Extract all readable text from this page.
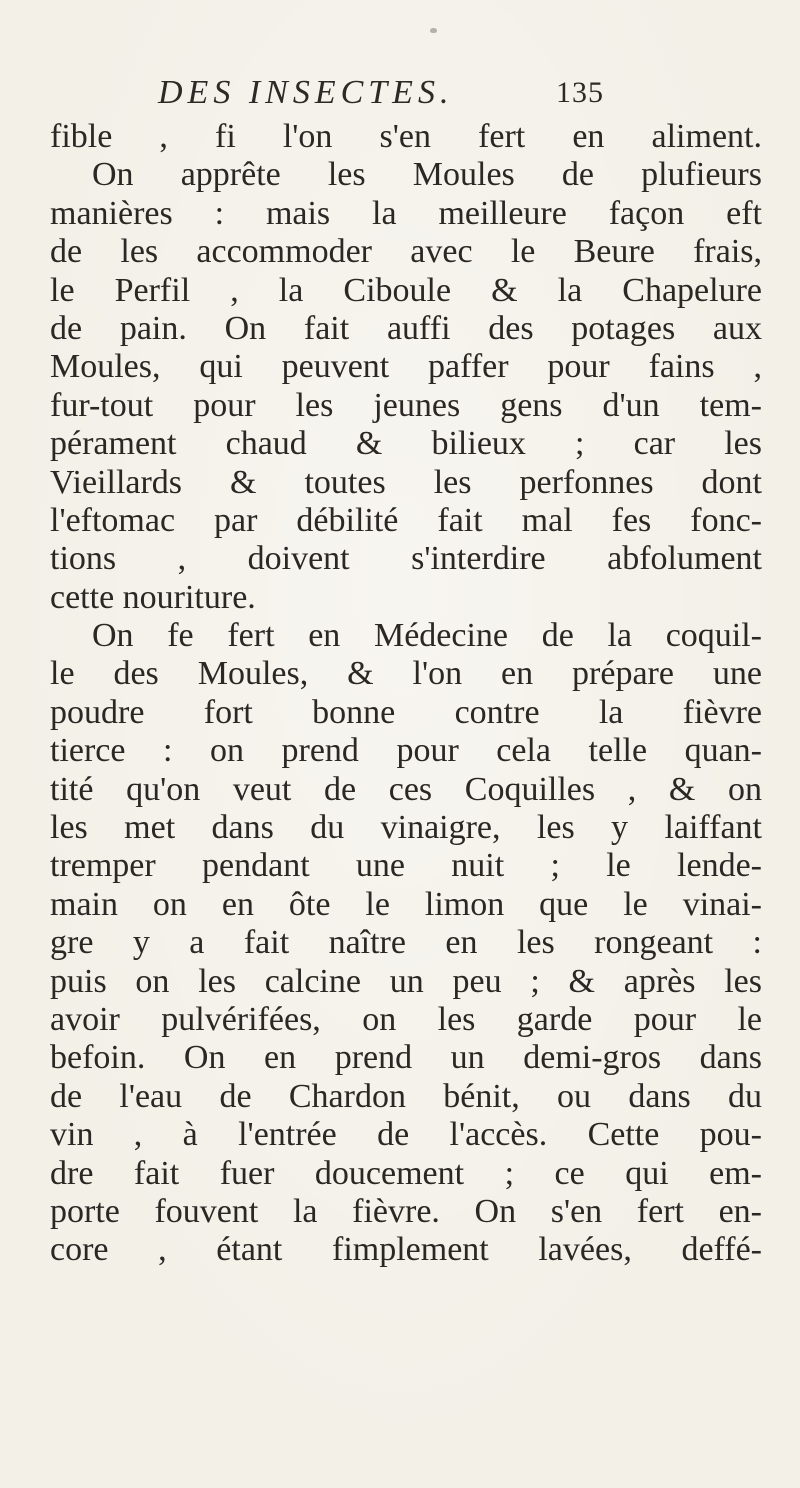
DES INSECTES.	135
fible , fi l'on s'en fert en aliment.
On apprête les Moules de plufieurs
manières : mais la meilleure façon eft
de les accommoder avec le Beure frais,
le Perfil , la Ciboule & la Chapelure
de pain. On fait auffi des potages aux
Moules, qui peuvent paffer pour fains ,
fur-tout pour les jeunes gens d'un tem-
pérament chaud & bilieux ; car les
Vieillards & toutes les perfonnes dont
l'eftomac par débilité fait mal fes fonc-
tions , doivent s'interdire abfolument
cette nouriture.
On fe fert en Médecine de la coquil-
le des Moules, & l'on en prépare une
poudre fort bonne contre la fièvre
tierce : on prend pour cela telle quan-
tité qu'on veut de ces Coquilles , & on
les met dans du vinaigre, les y laiffant
tremper pendant une nuit ; le lende-
main on en ôte le limon que le vinai-
gre y a fait naître en les rongeant :
puis on les calcine un peu ; & après les
avoir pulvérifées, on les garde pour le
befoin. On en prend un demi-gros dans
de l'eau de Chardon bénit, ou dans du
vin , à l'entrée de l'accès. Cette pou-
dre fait fuer doucement ; ce qui em-
porte fouvent la fièvre. On s'en fert en-
core , étant fimplement lavées, deffé-
